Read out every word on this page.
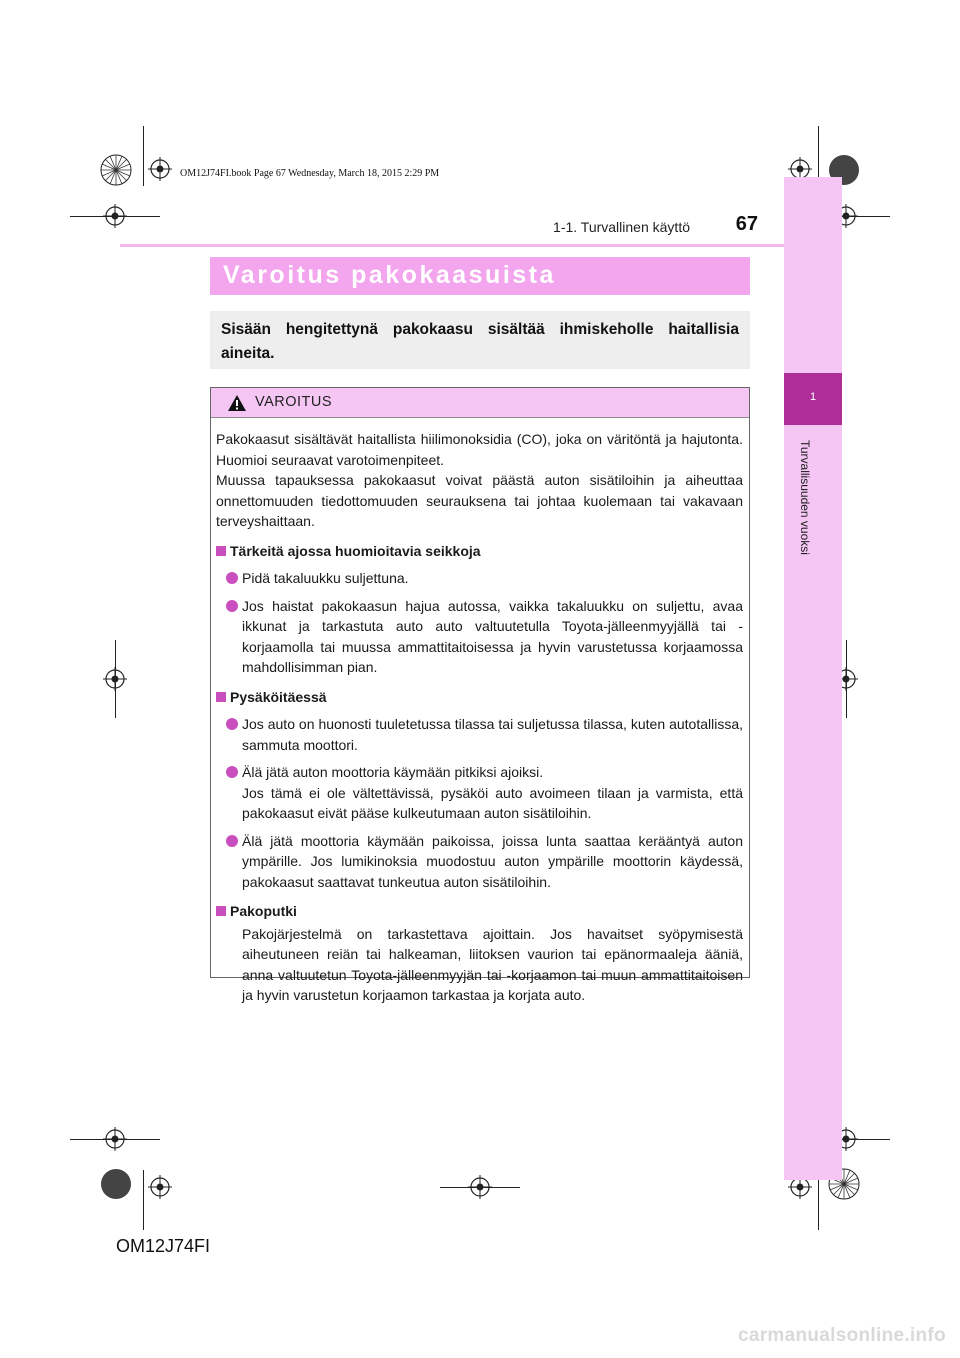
OM12J74FI.book Page 67 Wednesday, March 18, 2015 2:29 PM
1
Turvallisuuden vuoksi
1-1. Turvallinen käyttö	67
Varoitus pakokaasuista

Sisään hengitettynä pakokaasu sisältää ihmiskeholle haitallisia aineita.

VAROITUS

Pakokaasut sisältävät haitallista hiilimonoksidia (CO), joka on väritöntä ja hajutonta. Huomioi seuraavat varotoimenpiteet.

Muussa tapauksessa pakokaasut voivat päästä auton sisätiloihin ja aiheuttaa onnettomuuden tiedottomuuden seurauksena tai johtaa kuolemaan tai vakavaan terveyshaittaan.

Tärkeitä ajossa huomioitavia seikkoja

Pidä takaluukku suljettuna.

Jos haistat pakokaasun hajua autossa, vaikka takaluukku on suljettu, avaa ikkunat ja tarkastuta auto auto valtuutetulla Toyota-jälleenmyyjällä tai -korjaamolla tai muussa ammattitaitoisessa ja hyvin varustetussa korjaamossa mahdollisimman pian.

Pysäköitäessä

Jos auto on huonosti tuuletetussa tilassa tai suljetussa tilassa, kuten autotallissa, sammuta moottori.

Älä jätä auton moottoria käymään pitkiksi ajoiksi.
Jos tämä ei ole vältettävissä, pysäköi auto avoimeen tilaan ja varmista, että pakokaasut eivät pääse kulkeutumaan auton sisätiloihin.

Älä jätä moottoria käymään paikoissa, joissa lunta saattaa kerääntyä auton ympärille. Jos lumikinoksia muodostuu auton ympärille moottorin käydessä, pakokaasut saattavat tunkeutua auton sisätiloihin.

Pakoputki

Pakojärjestelmä on tarkastettava ajoittain. Jos havaitset syöpymisestä aiheutuneen reiän tai halkeaman, liitoksen vaurion tai epänormaaleja ääniä, anna valtuutetun Toyota-jälleenmyyjän tai -korjaamon tai muun ammattitaitoisen ja hyvin varustetun korjaamon tarkastaa ja korjata auto.

OM12J74FI
carmanualsonline.info
